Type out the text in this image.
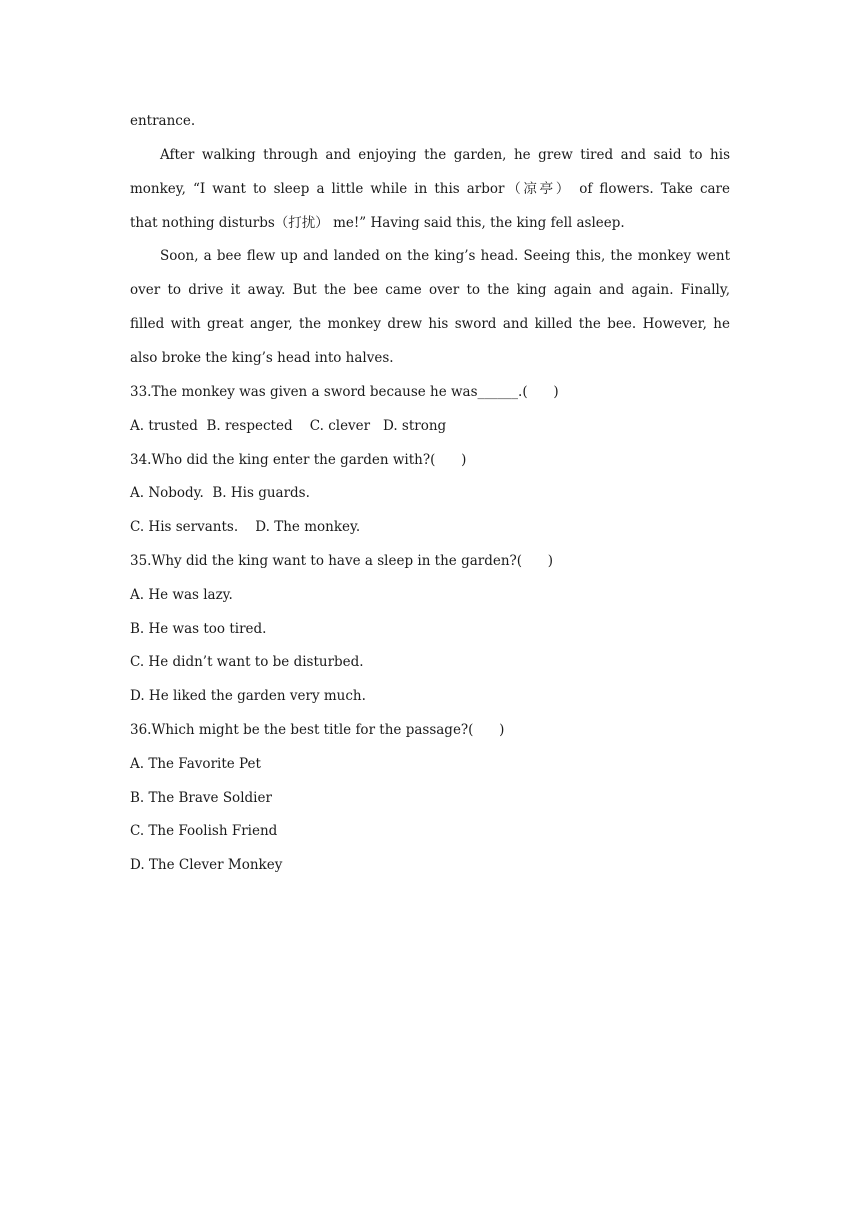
entrance.
After walking through and enjoying the garden, he grew tired and said to his
monkey, “I want to sleep a little while in this arbor（凉亭） of flowers. Take care
that nothing disturbs（打扰） me!” Having said this, the king fell asleep.
Soon, a bee flew up and landed on the king’s head. Seeing this, the monkey went
over to drive it away. But the bee came over to the king again and again. Finally,
filled with great anger, the monkey drew his sword and killed the bee. However, he
also broke the king’s head into halves.
33.The monkey was given a sword because he was______.(      )
A. trusted  B. respected    C. clever   D. strong
34.Who did the king enter the garden with?(      )
A. Nobody.  B. His guards.
C. His servants.    D. The monkey.
35.Why did the king want to have a sleep in the garden?(      )
A. He was lazy.
B. He was too tired.
C. He didn’t want to be disturbed.
D. He liked the garden very much.
36.Which might be the best title for the passage?(      )
A. The Favorite Pet
B. The Brave Soldier
C. The Foolish Friend
D. The Clever Monkey
